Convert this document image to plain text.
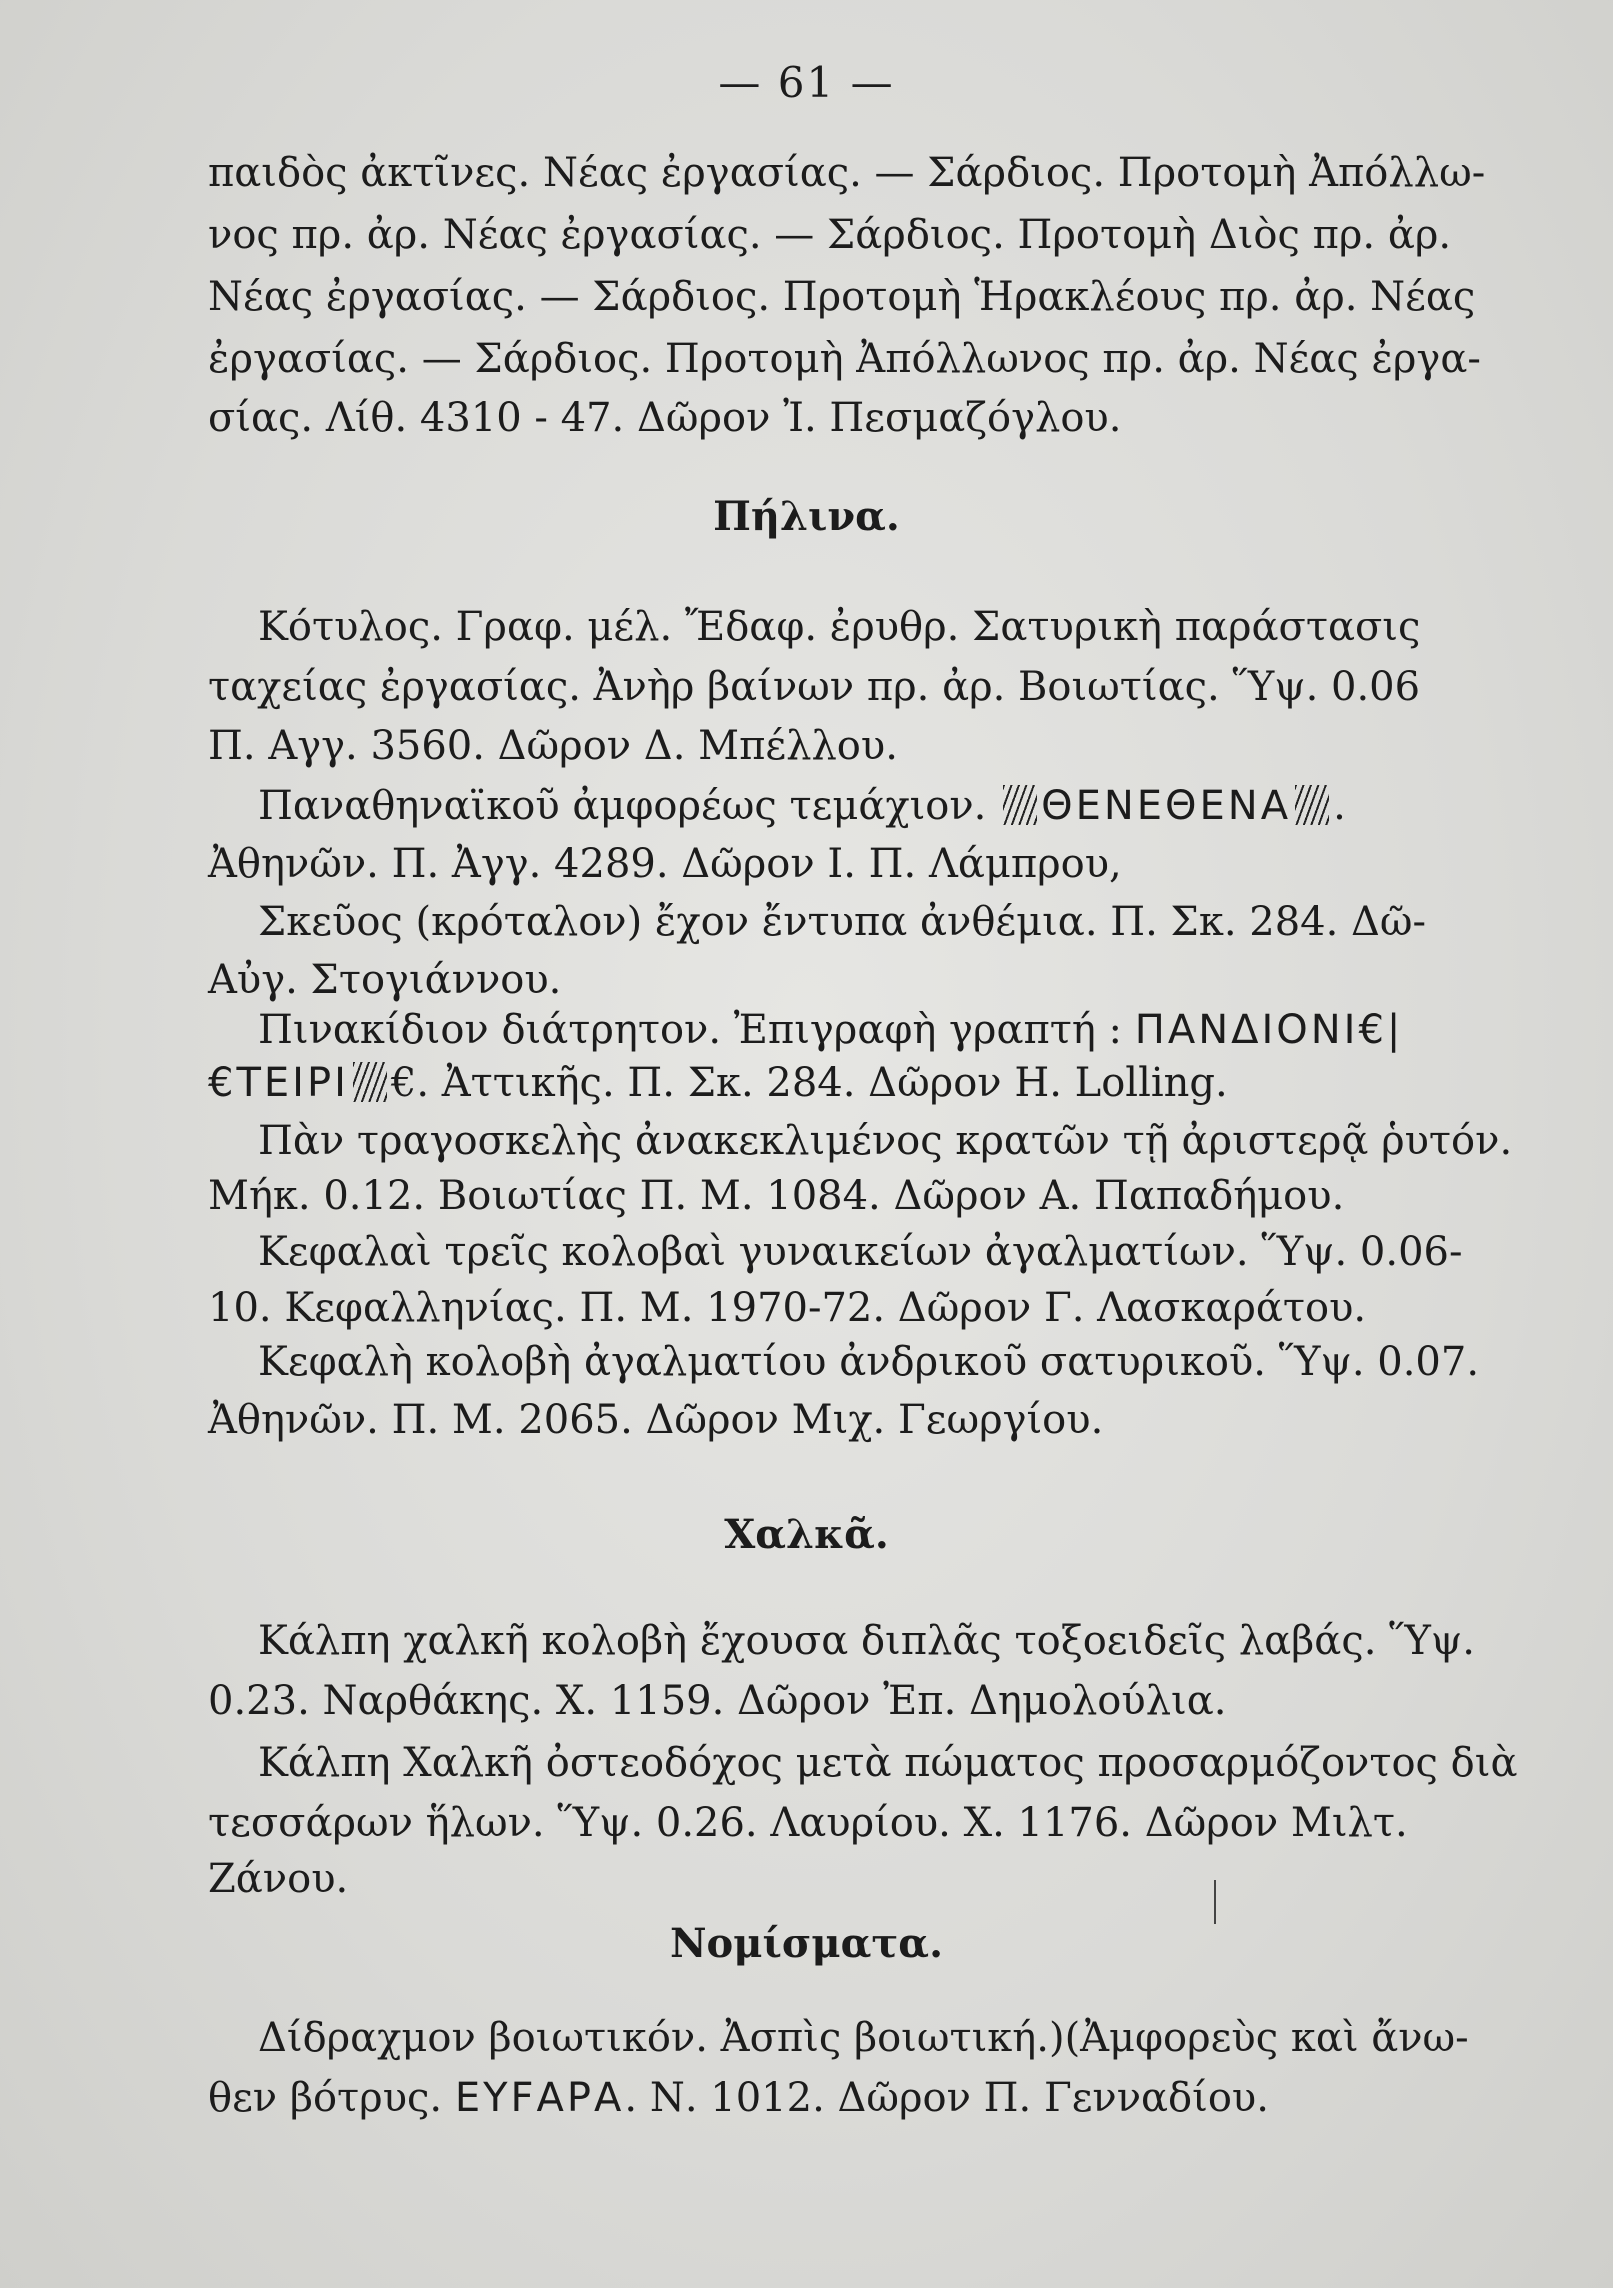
— 61 —
παιδὸς ἀκτῖνες. Νέας ἐργασίας. — Σάρδιος. Προτομὴ Ἀπόλλω-
νος πρ. ἀρ. Νέας ἐργασίας. — Σάρδιος. Προτομὴ Διὸς πρ. ἀρ.
Νέας ἐργασίας. — Σάρδιος. Προτομὴ Ἡρακλέους πρ. ἀρ. Νέας
ἐργασίας. — Σάρδιος. Προτομὴ Ἀπόλλωνος πρ. ἀρ. Νέας ἐργα-
σίας. Λίθ. 4310 - 47. Δῶρον Ἰ. Πεσμαζόγλου.
Πήλινα.
Κότυλος. Γραφ. μέλ. Ἔδαφ. ἐρυθρ. Σατυρικὴ παράστασις
ταχείας ἐργασίας. Ἀνὴρ βαίνων πρ. ἀρ. Βοιωτίας. Ὕψ. 0.06
Π. Αγγ. 3560. Δῶρον Δ. Μπέλλου.
Παναθηναϊκοῦ ἀμφορέως τεμάχιον. ΘΕΝΕΘΕΝΑ .
Ἀθηνῶν. Π. Ἀγγ. 4289. Δῶρον Ι. Π. Λάμπρου,
Σκεῦος (κρόταλον) ἔχον ἔντυπα ἀνθέμια. Π. Σκ. 284. Δῶ-
Αὐγ. Στογιάννου.
Πινακίδιον διάτρητον. Ἐπιγραφὴ γραπτή : ΠΑΝΔΙΟΝΙ€|
€ΤΕΙΡΙ €. Ἀττικῆς. Π. Σκ. 284. Δῶρον Η. Lolling.
Πὰν τραγοσκελὴς ἀνακεκλιμένος κρατῶν τῇ ἀριστερᾷ ῥυτόν.
Μήκ. 0.12. Βοιωτίας Π. Μ. 1084. Δῶρον Α. Παπαδήμου.
Κεφαλαὶ τρεῖς κολοβαὶ γυναικείων ἀγαλματίων. Ὕψ. 0.06-
10. Κεφαλληνίας. Π. Μ. 1970-72. Δῶρον Γ. Λασκαράτου.
Κεφαλὴ κολοβὴ ἀγαλματίου ἀνδρικοῦ σατυρικοῦ. Ὕψ. 0.07.
Ἀθηνῶν. Π. Μ. 2065. Δῶρον Μιχ. Γεωργίου.
Χαλκᾶ.
Κάλπη χαλκῆ κολοβὴ ἔχουσα διπλᾶς τοξοειδεῖς λαβάς. Ὕψ.
0.23. Ναρθάκης. Χ. 1159. Δῶρον Ἐπ. Δημολούλια.
Κάλπη Χαλκῆ ὀστεοδόχος μετὰ πώματος προσαρμόζοντος διὰ
τεσσάρων ἥλων. Ὕψ. 0.26. Λαυρίου. Χ. 1176. Δῶρον Μιλτ.
Ζάνου.
Νομίσματα.
Δίδραχμον βοιωτικόν. Ἀσπὶς βοιωτική.)(Ἀμφορεὺς καὶ ἄνω-
θεν βότρυς. ΕΥFΑΡΑ. Ν. 1012. Δῶρον Π. Γενναδίου.
